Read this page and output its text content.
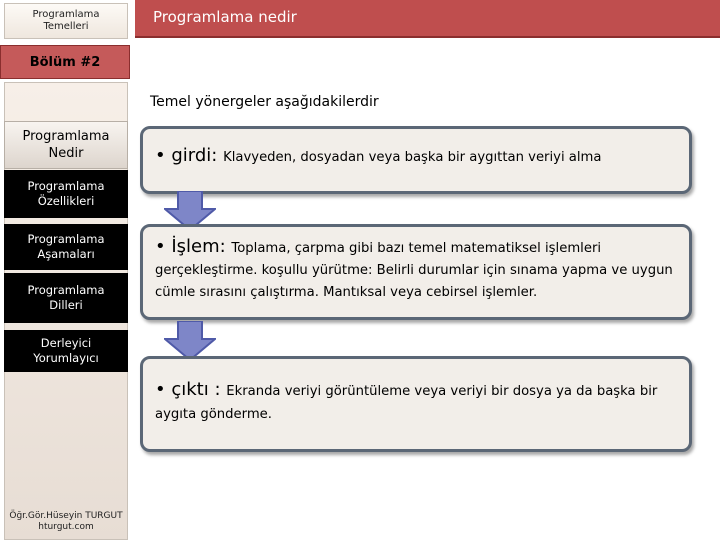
Programlama
Temelleri
Programlama nedir
Bölüm #2
Programlama
Nedir
Programlama
Özellikleri
Programlama
Aşamaları
Programlama
Dilleri
Derleyici
Yorumlayıcı
Öğr.Gör.Hüseyin TURGUT
hturgut.com
Temel yönergeler aşağıdakilerdir
• girdi: Klavyeden, dosyadan veya başka bir aygıttan veriyi alma
• İşlem: Toplama, çarpma gibi bazı temel matematiksel işlemleri gerçekleştirme. koşullu yürütme: Belirli durumlar için sınama yapma ve uygun cümle sırasını çalıştırma. Mantıksal veya cebirsel işlemler.
• çıktı : Ekranda veriyi görüntüleme veya veriyi bir dosya ya da başka bir aygıta gönderme.
